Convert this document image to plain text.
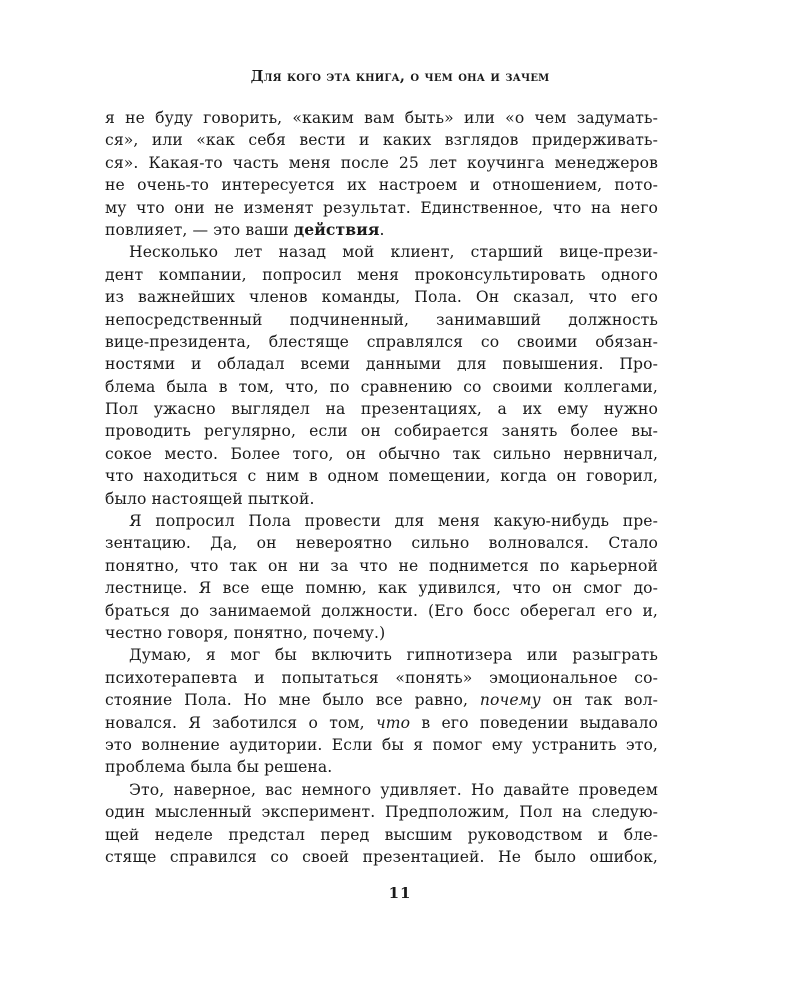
Для кого эта книга, о чем она и зачем
я не буду говорить, «каким вам быть» или «о чем задумать-
ся», или «как себя вести и каких взглядов придерживать-
ся». Какая-то часть меня после 25 лет коучинга менеджеров
не очень-то интересуется их настроем и отношением, пото-
му что они не изменят результат. Единственное, что на него
повлияет, — это ваши действия.
Несколько лет назад мой клиент, старший вице-прези-
дент компании, попросил меня проконсультировать одного
из важнейших членов команды, Пола. Он сказал, что его
непосредственный подчиненный, занимавший должность
вице-президента, блестяще справлялся со своими обязан-
ностями и обладал всеми данными для повышения. Про-
блема была в том, что, по сравнению со своими коллегами,
Пол ужасно выглядел на презентациях, а их ему нужно
проводить регулярно, если он собирается занять более вы-
сокое место. Более того, он обычно так сильно нервничал,
что находиться с ним в одном помещении, когда он говорил,
было настоящей пыткой.
Я попросил Пола провести для меня какую-нибудь пре-
зентацию. Да, он невероятно сильно волновался. Стало
понятно, что так он ни за что не поднимется по карьерной
лестнице. Я все еще помню, как удивился, что он смог до-
браться до занимаемой должности. (Его босс оберегал его и,
честно говоря, понятно, почему.)
Думаю, я мог бы включить гипнотизера или разыграть
психотерапевта и попытаться «понять» эмоциональное со-
стояние Пола. Но мне было все равно, почему он так вол-
новался. Я заботился о том, что в его поведении выдавало
это волнение аудитории. Если бы я помог ему устранить это,
проблема была бы решена.
Это, наверное, вас немного удивляет. Но давайте проведем
один мысленный эксперимент. Предположим, Пол на следую-
щей неделе предстал перед высшим руководством и бле-
стяще справился со своей презентацией. Не было ошибок,
11
